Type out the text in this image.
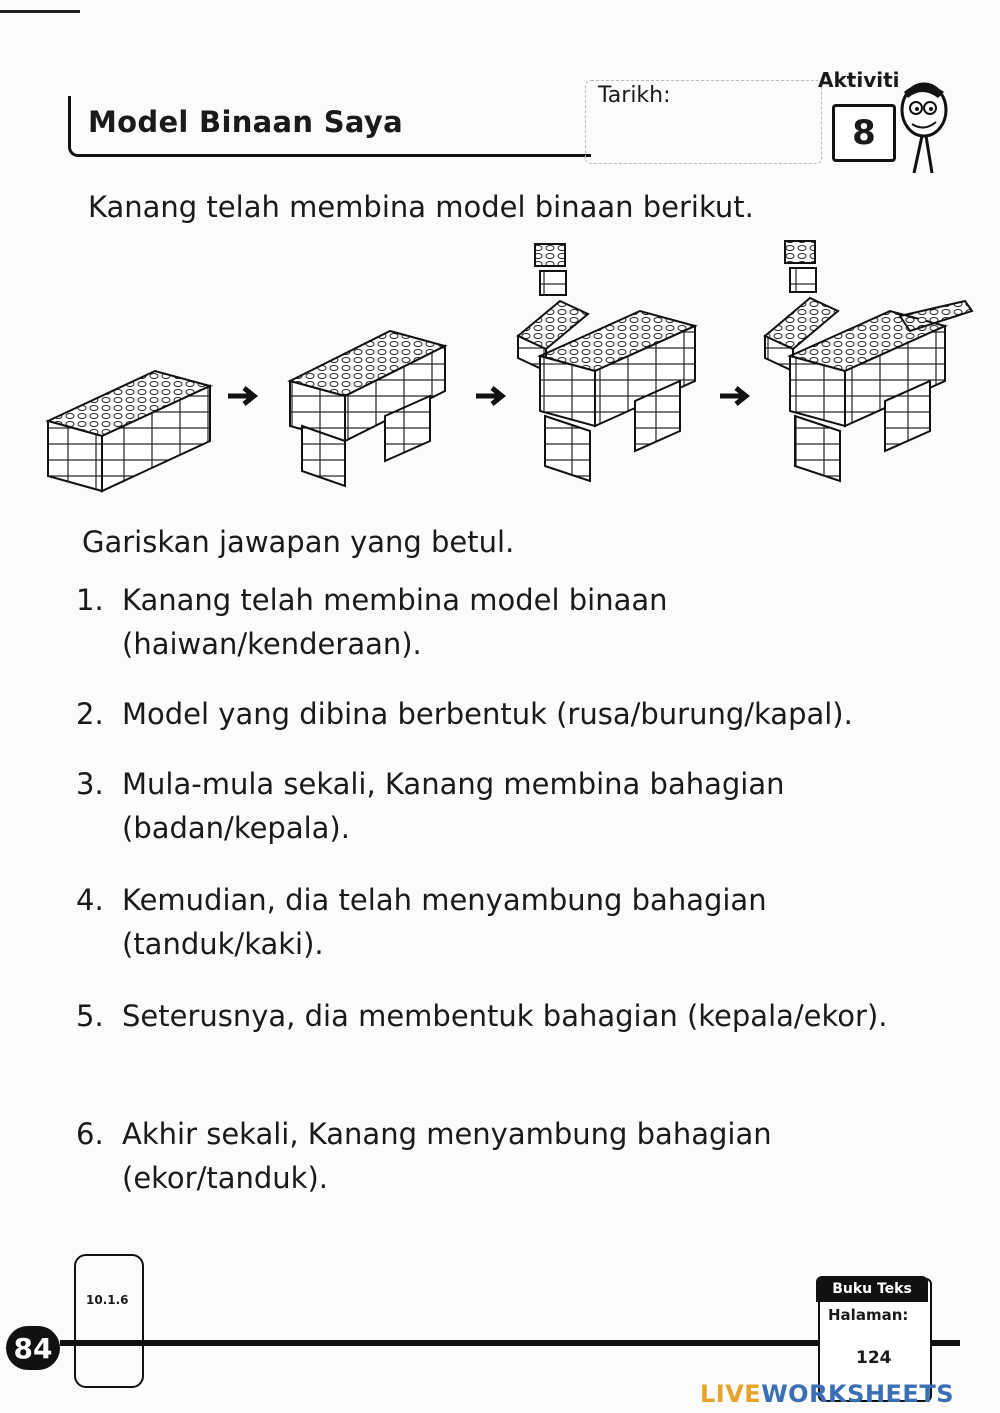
Model Binaan Saya
Tarikh:
Aktiviti
8
Kanang telah membina model binaan berikut.
Gariskan jawapan yang betul.
1. Kanang telah membina model binaan (haiwan/kenderaan).
2. Model yang dibina berbentuk (rusa/burung/kapal).
3. Mula-mula sekali, Kanang membina bahagian (badan/kepala).
4. Kemudian, dia telah menyambung bahagian (tanduk/kaki).
5. Seterusnya, dia membentuk bahagian (kepala/ekor).
6. Akhir sekali, Kanang menyambung bahagian (ekor/tanduk).
10.1.6
84
Buku Teks
Halaman:
124
LIVEWORKSHEETS
